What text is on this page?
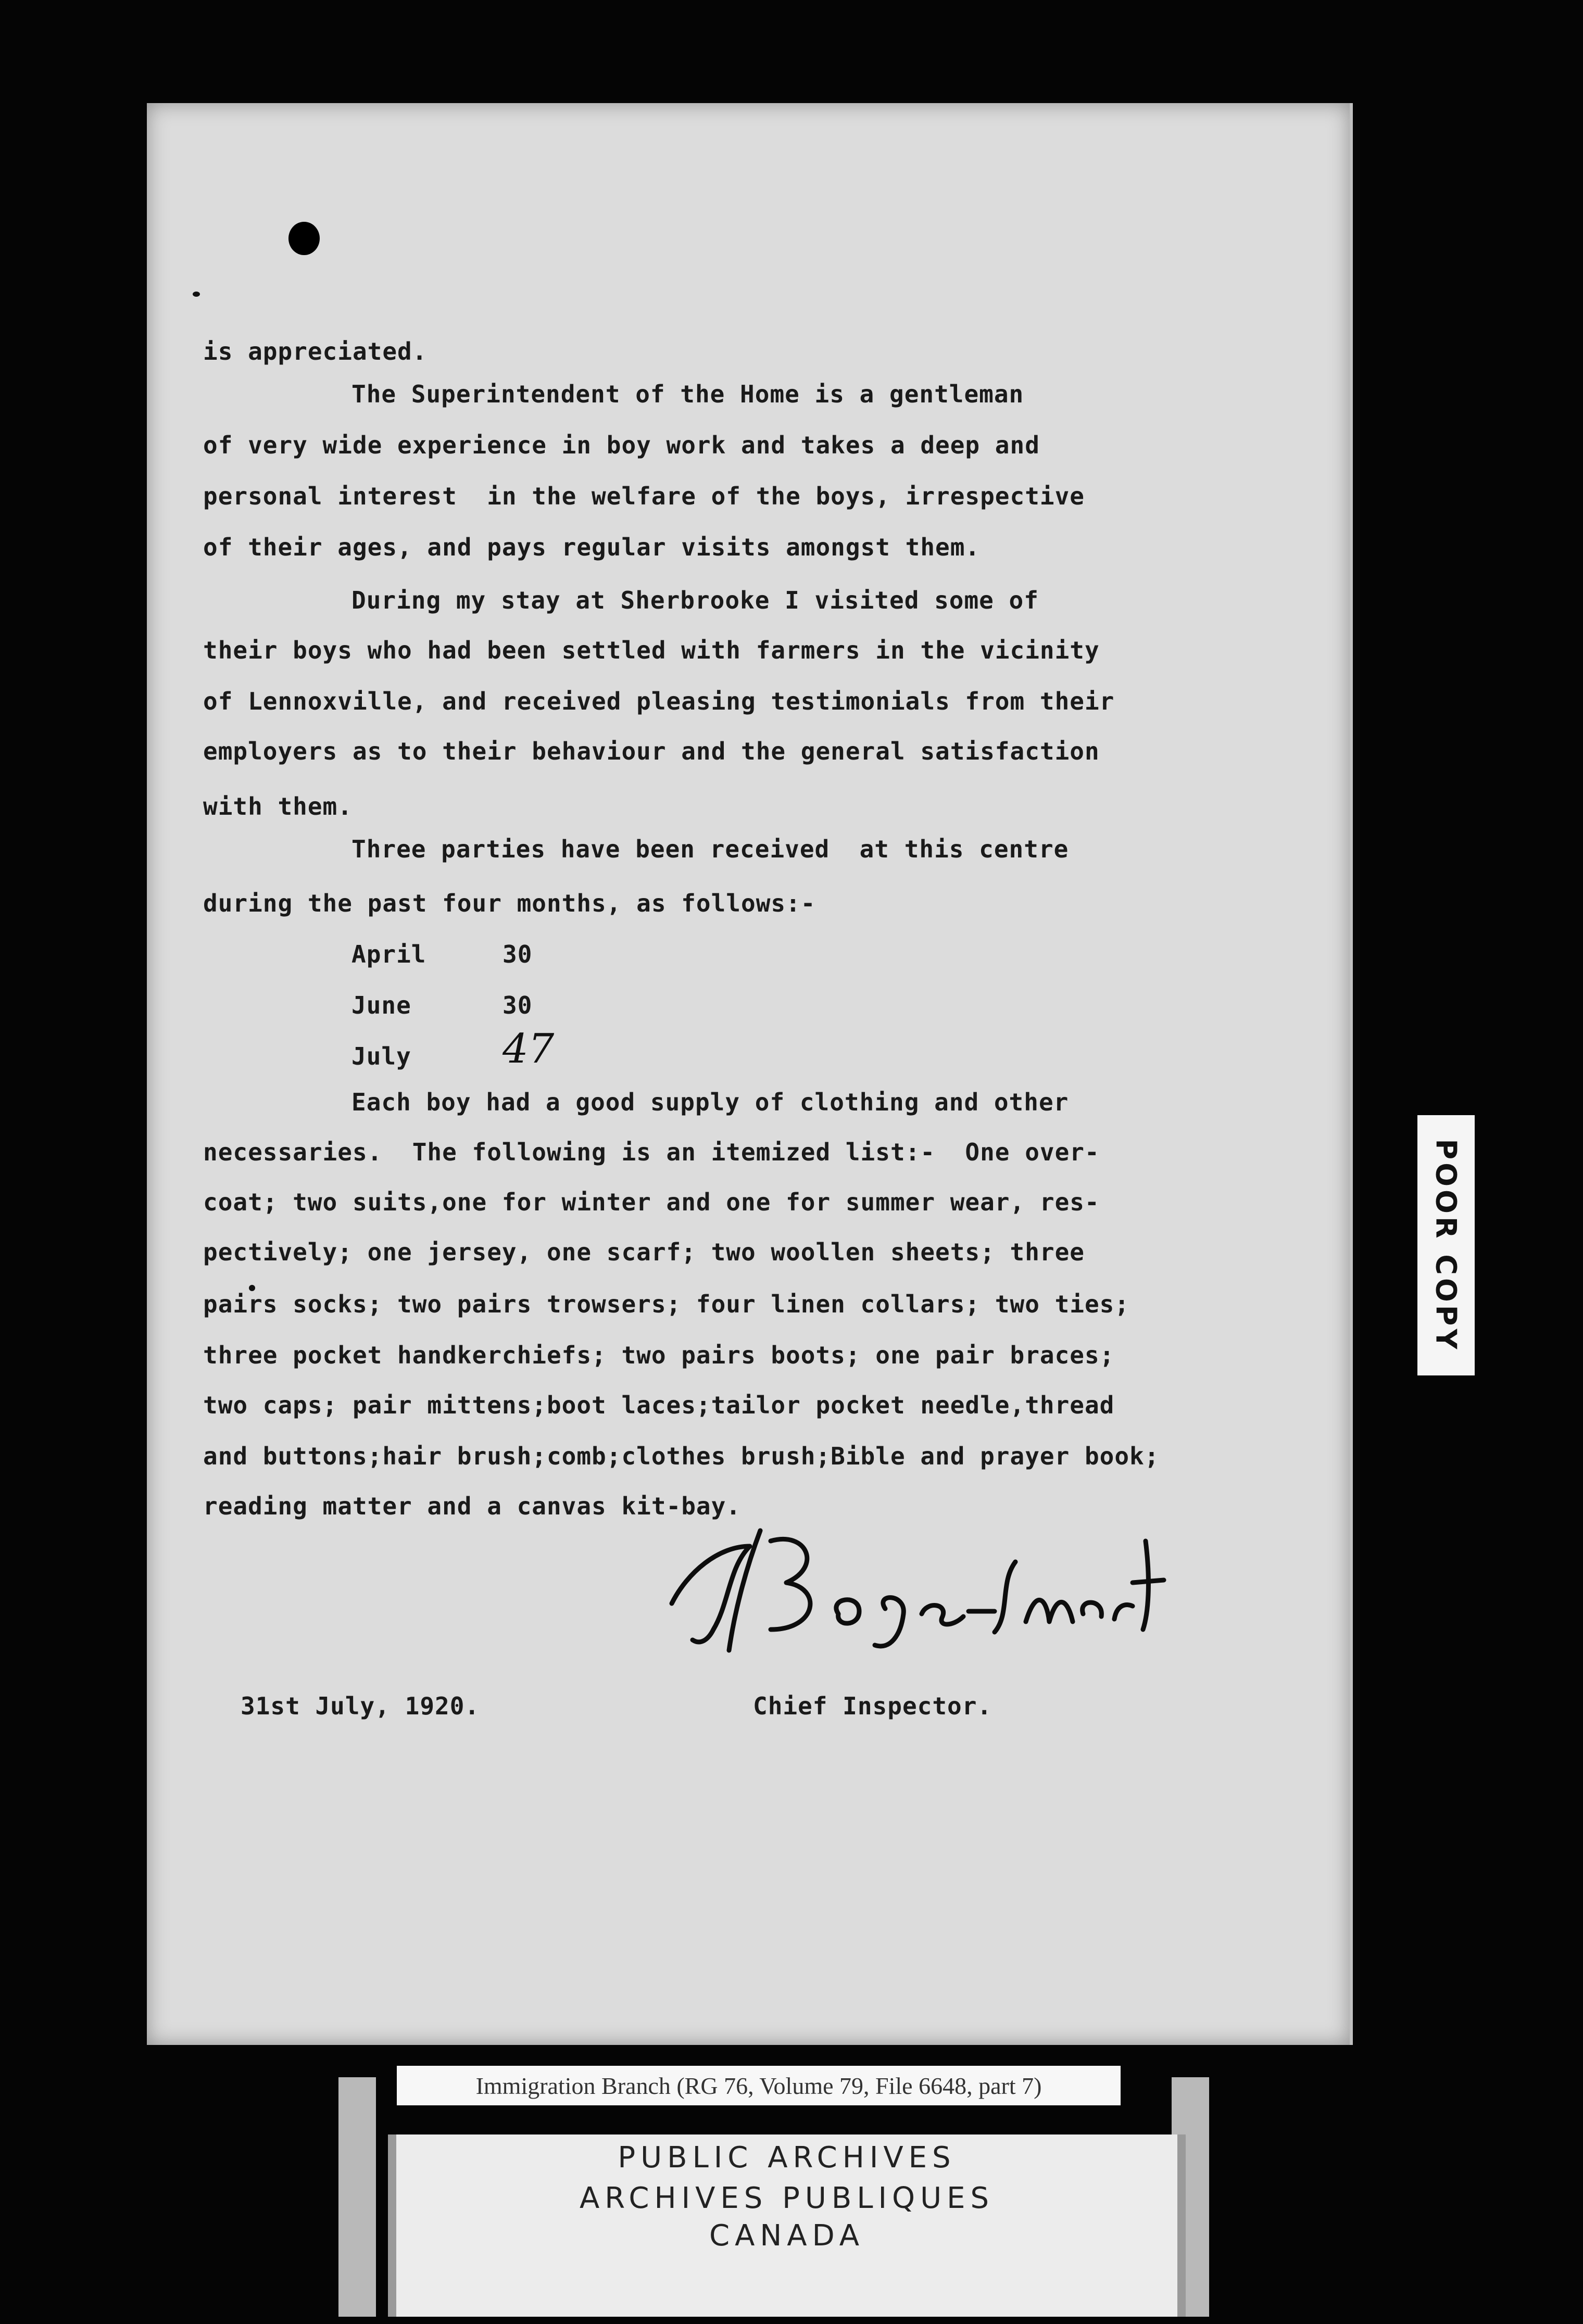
is appreciated.

The Superintendent of the Home is a gentleman

of very wide experience in boy work and takes a deep and

personal interest  in the welfare of the boys, irrespective

of their ages, and pays regular visits amongst them.

During my stay at Sherbrooke I visited some of

their boys who had been settled with farmers in the vicinity

of Lennoxville, and received pleasing testimonials from their

employers as to their behaviour and the general satisfaction

with them.

Three parties have been received  at this centre

during the past four months, as follows:-

April	30
June	30
July 47

Each boy had a good supply of clothing and other

necessaries.  The following is an itemized list:-  One over-

coat; two suits,one for winter and one for summer wear, res-

pectively; one jersey, one scarf; two woollen sheets; three

pairs socks; two pairs trowsers; four linen collars; two ties;

three pocket handkerchiefs; two pairs boots; one pair braces;

two caps; pair mittens;boot laces;tailor pocket needle,thread

and buttons;hair brush;comb;clothes brush;Bible and prayer book;

reading matter and a canvas kit-bay.

31st July, 1920.	Chief Inspector.
POOR COPY
Immigration Branch (RG 76, Volume 79, File 6648, part 7)
PUBLIC ARCHIVES
ARCHIVES PUBLIQUES
CANADA
